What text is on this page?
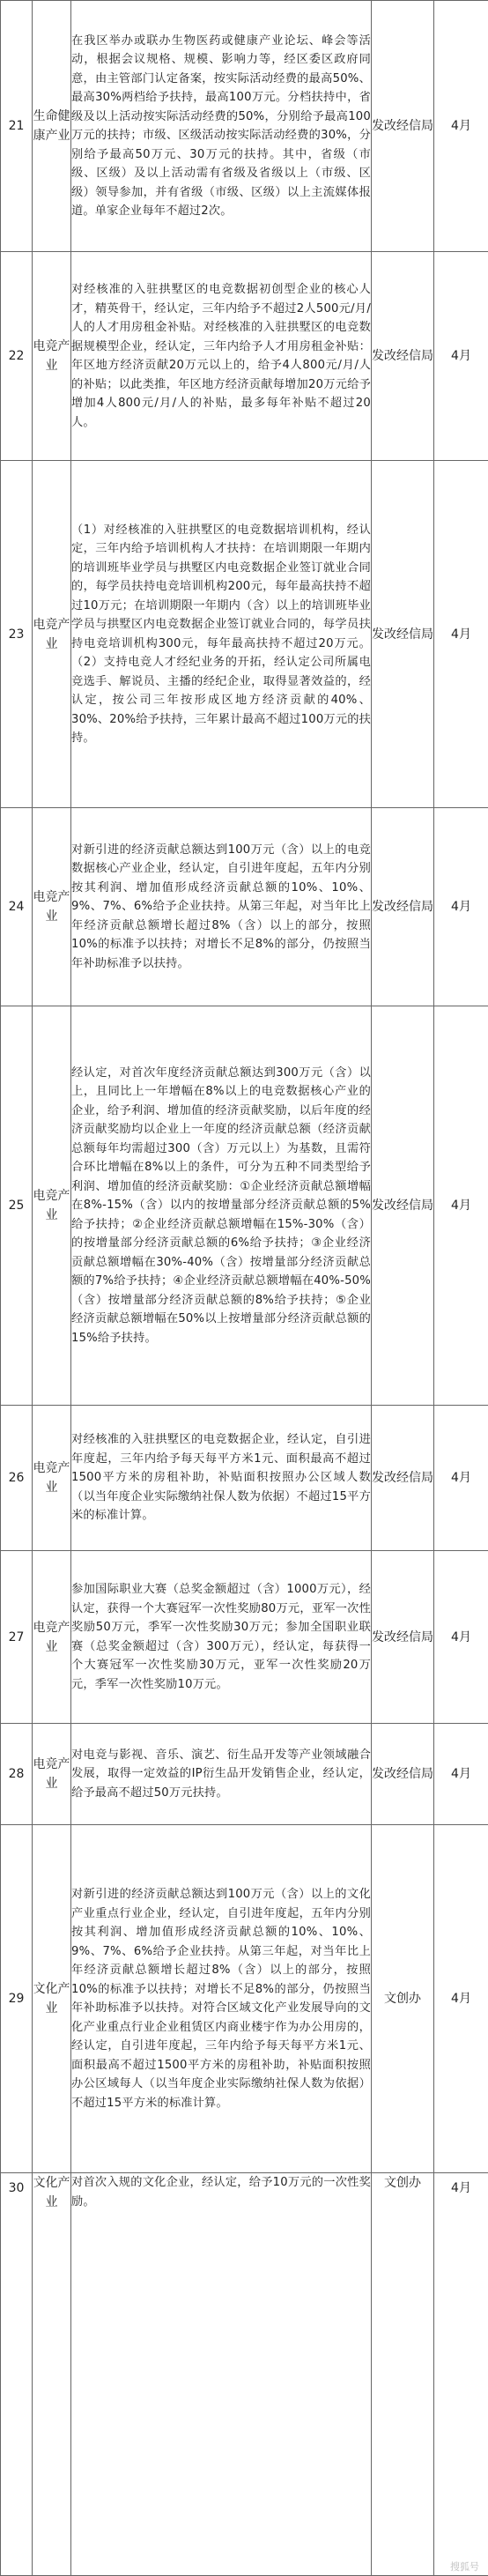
21	生命健康产业	在我区举办或联办生物医药或健康产业论坛、峰会等活动，根据会议规格、规模、影响力等，经区委区政府同意，由主管部门认定备案，按实际活动经费的最高50%、最高30%两档给予扶持，最高100万元。分档扶持中，省级及以上活动按实际活动经费的50%，分别给予最高100万元的扶持；市级、区级活动按实际活动经费的30%，分别给予最高50万元、30万元的扶持。其中，省级（市级、区级）及以上活动需有省级及省级以上（市级、区级）领导参加，并有省级（市级、区级）以上主流媒体报道。单家企业每年不超过2次。	发改经信局	4月
22	电竞产业	对经核准的入驻拱墅区的电竞数据初创型企业的核心人才，精英骨干，经认定，三年内给予不超过2人500元/月/人的人才用房租金补贴。对经核准的入驻拱墅区的电竞数据规模型企业，经认定，三年内给予人才用房租金补贴：年区地方经济贡献20万元以上的，给予4人800元/月/人的补贴；以此类推，年区地方经济贡献每增加20万元给予增加4人800元/月/人的补贴，最多每年补贴不超过20人。	发改经信局	4月
23	电竞产业	（1）对经核准的入驻拱墅区的电竞数据培训机构，经认定，三年内给予培训机构人才扶持：在培训期限一年期内的培训班毕业学员与拱墅区内电竞数据企业签订就业合同的，每学员扶持电竞培训机构200元，每年最高扶持不超过10万元；在培训期限一年期内（含）以上的培训班毕业学员与拱墅区内电竞数据企业签订就业合同的，每学员扶持电竞培训机构300元，每年最高扶持不超过20万元。（2）支持电竞人才经纪业务的开拓，经认定公司所属电竞选手、解说员、主播的经纪企业，取得显著效益的，经认定，按公司三年按形成区地方经济贡献的40%、30%、20%给予扶持，三年累计最高不超过100万元的扶持。	发改经信局	4月
24	电竞产业	对新引进的经济贡献总额达到100万元（含）以上的电竞数据核心产业企业，经认定，自引进年度起，五年内分别按其利润、增加值形成经济贡献总额的10%、10%、9%、7%、6%给予企业扶持。从第三年起，对当年比上年经济贡献总额增长超过8%（含）以上的部分，按照10%的标准予以扶持；对增长不足8%的部分，仍按照当年补助标准予以扶持。	发改经信局	4月
25	电竞产业	经认定，对首次年度经济贡献总额达到300万元（含）以上，且同比上一年增幅在8%以上的电竞数据核心产业的企业，给予利润、增加值的经济贡献奖励，以后年度的经济贡献奖励均以企业上一年度的经济贡献总额（经济贡献总额每年均需超过300（含）万元以上）为基数，且需符合环比增幅在8%以上的条件，可分为五种不同类型给予利润、增加值的经济贡献奖励：①企业经济贡献总额增幅在8%-15%（含）以内的按增量部分经济贡献总额的5%给予扶持；②企业经济贡献总额增幅在15%-30%（含）的按增量部分经济贡献总额的6%给予扶持；③企业经济贡献总额增幅在30%-40%（含）按增量部分经济贡献总额的7%给予扶持；④企业经济贡献总额增幅在40%-50%（含）按增量部分经济贡献总额的8%给予扶持；⑤企业经济贡献总额增幅在50%以上按增量部分经济贡献总额的15%给予扶持。	发改经信局	4月
26	电竞产业	对经核准的入驻拱墅区的电竞数据企业，经认定，自引进年度起，三年内给予每天每平方米1元、面积最高不超过1500平方米的房租补助，补贴面积按照办公区域人数（以当年度企业实际缴纳社保人数为依据）不超过15平方米的标准计算。	发改经信局	4月
27	电竞产业	参加国际职业大赛（总奖金额超过（含）1000万元），经认定，获得一个大赛冠军一次性奖励80万元，亚军一次性奖励50万元，季军一次性奖励30万元；参加全国职业联赛（总奖金额超过（含）300万元），经认定，每获得一个大赛冠军一次性奖励30万元，亚军一次性奖励20万元，季军一次性奖励10万元。	发改经信局	4月
28	电竞产业	对电竞与影视、音乐、演艺、衍生品开发等产业领域融合发展，取得一定效益的IP衍生品开发销售企业，经认定，给予最高不超过50万元扶持。	发改经信局	4月
29	文化产业	对新引进的经济贡献总额达到100万元（含）以上的文化产业重点行业企业，经认定，自引进年度起，五年内分别按其利润、增加值形成经济贡献总额的10%、10%、9%、7%、6%给予企业扶持。从第三年起，对当年比上年经济贡献总额增长超过8%（含）以上的部分，按照10%的标准予以扶持；对增长不足8%的部分，仍按照当年补助标准予以扶持。对符合区域文化产业发展导向的文化产业重点行业企业租赁区内商业楼宇作为办公用房的，经认定，自引进年度起，三年内给予每天每平方米1元、面积最高不超过1500平方米的房租补助，补贴面积按照办公区域每人（以当年度企业实际缴纳社保人数为依据）不超过15平方米的标准计算。	文创办	4月
30	文化产业	对首次入规的文化企业，经认定，给予10万元的一次性奖励。	文创办	4月
搜狐号
